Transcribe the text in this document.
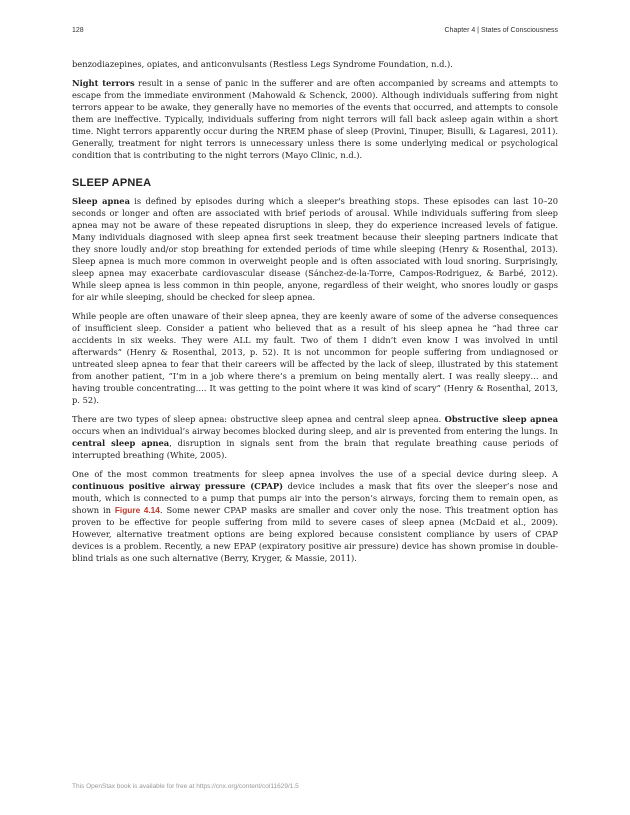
128	Chapter 4 | States of Consciousness

benzodiazepines, opiates, and anticonvulsants (Restless Legs Syndrome Foundation, n.d.).

Night terrors result in a sense of panic in the sufferer and are often accompanied by screams and attempts to escape from the immediate environment (Mahowald & Schenck, 2000). Although individuals suffering from night terrors appear to be awake, they generally have no memories of the events that occurred, and attempts to console them are ineffective. Typically, individuals suffering from night terrors will fall back asleep again within a short time. Night terrors apparently occur during the NREM phase of sleep (Provini, Tinuper, Bisulli, & Lagaresi, 2011). Generally, treatment for night terrors is unnecessary unless there is some underlying medical or psychological condition that is contributing to the night terrors (Mayo Clinic, n.d.).

SLEEP APNEA

Sleep apnea is defined by episodes during which a sleeper's breathing stops. These episodes can last 10–20 seconds or longer and often are associated with brief periods of arousal. While individuals suffering from sleep apnea may not be aware of these repeated disruptions in sleep, they do experience increased levels of fatigue. Many individuals diagnosed with sleep apnea first seek treatment because their sleeping partners indicate that they snore loudly and/or stop breathing for extended periods of time while sleeping (Henry & Rosenthal, 2013). Sleep apnea is much more common in overweight people and is often associated with loud snoring. Surprisingly, sleep apnea may exacerbate cardiovascular disease (Sánchez-de-la-Torre, Campos-Rodriguez, & Barbé, 2012). While sleep apnea is less common in thin people, anyone, regardless of their weight, who snores loudly or gasps for air while sleeping, should be checked for sleep apnea.

While people are often unaware of their sleep apnea, they are keenly aware of some of the adverse consequences of insufficient sleep. Consider a patient who believed that as a result of his sleep apnea he “had three car accidents in six weeks. They were ALL my fault. Two of them I didn’t even know I was involved in until afterwards” (Henry & Rosenthal, 2013, p. 52). It is not uncommon for people suffering from undiagnosed or untreated sleep apnea to fear that their careers will be affected by the lack of sleep, illustrated by this statement from another patient, “I’m in a job where there’s a premium on being mentally alert. I was really sleepy… and having trouble concentrating…. It was getting to the point where it was kind of scary” (Henry & Rosenthal, 2013, p. 52).

There are two types of sleep apnea: obstructive sleep apnea and central sleep apnea. Obstructive sleep apnea occurs when an individual’s airway becomes blocked during sleep, and air is prevented from entering the lungs. In central sleep apnea, disruption in signals sent from the brain that regulate breathing cause periods of interrupted breathing (White, 2005).

One of the most common treatments for sleep apnea involves the use of a special device during sleep. A continuous positive airway pressure (CPAP) device includes a mask that fits over the sleeper’s nose and mouth, which is connected to a pump that pumps air into the person’s airways, forcing them to remain open, as shown in Figure 4.14. Some newer CPAP masks are smaller and cover only the nose. This treatment option has proven to be effective for people suffering from mild to severe cases of sleep apnea (McDaid et al., 2009). However, alternative treatment options are being explored because consistent compliance by users of CPAP devices is a problem. Recently, a new EPAP (expiratory positive air pressure) device has shown promise in double-blind trials as one such alternative (Berry, Kryger, & Massie, 2011).

This OpenStax book is available for free at https://cnx.org/content/col11629/1.5
